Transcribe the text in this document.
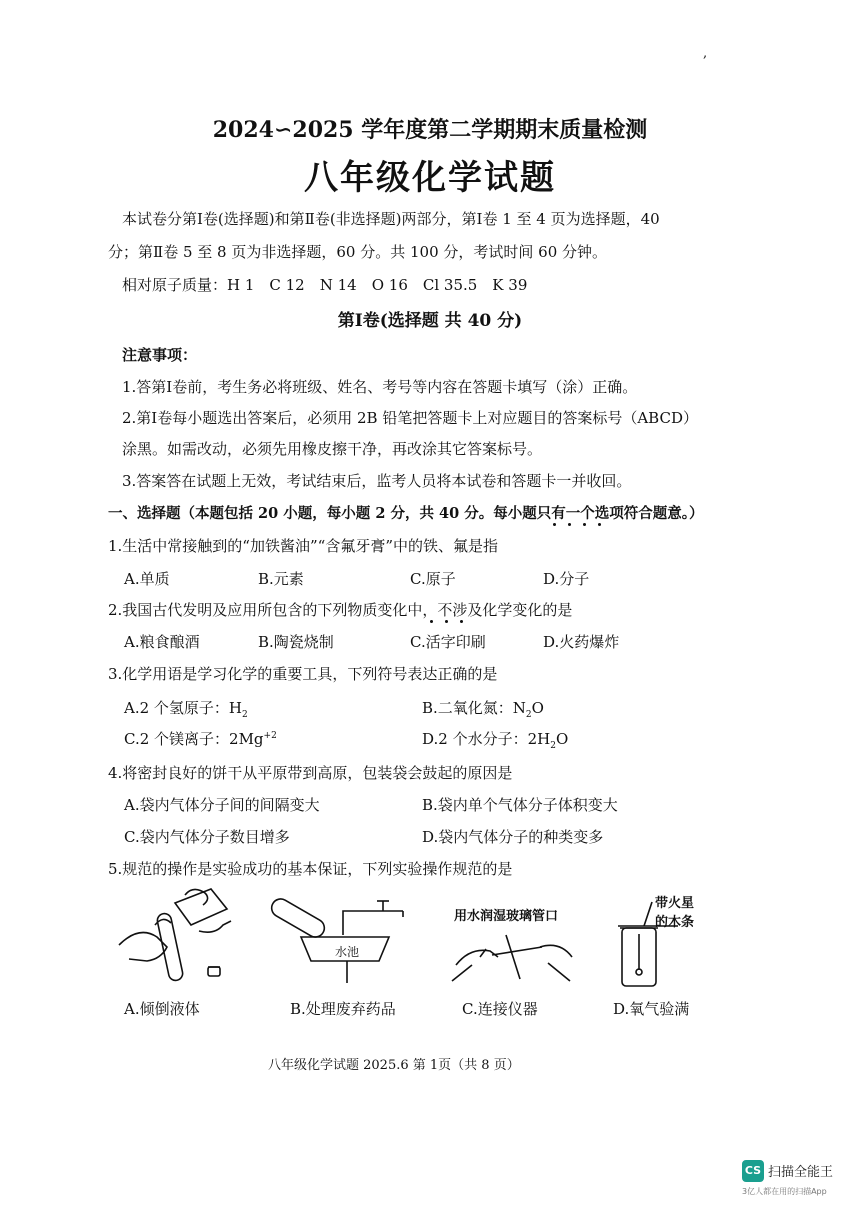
,
2024∽2025 学年度第二学期期末质量检测
八年级化学试题
本试卷分第Ⅰ卷(选择题)和第Ⅱ卷(非选择题)两部分，第Ⅰ卷 1 至 4 页为选择题，40
分；第Ⅱ卷 5 至 8 页为非选择题，60 分。共 100 分，考试时间 60 分钟。
相对原子质量：H 1　C 12　N 14　O 16　Cl 35.5　K 39
第Ⅰ卷(选择题 共 40 分)
注意事项：
1.答第Ⅰ卷前，考生务必将班级、姓名、考号等内容在答题卡填写（涂）正确。
2.第Ⅰ卷每小题选出答案后，必须用 2B 铅笔把答题卡上对应题目的答案标号（ABCD）
涂黑。如需改动，必须先用橡皮擦干净，再改涂其它答案标号。
3.答案答在试题上无效，考试结束后，监考人员将本试卷和答题卡一并收回。
一、选择题（本题包括 20 小题，每小题 2 分，共 40 分。每小题只有一个选项符合题意。）
1.生活中常接触到的“加铁酱油”“含氟牙膏”中的铁、氟是指
A.单质	B.元素	C.原子	D.分子
2.我国古代发明及应用所包含的下列物质变化中，不涉及化学变化的是
A.粮食酿酒	B.陶瓷烧制	C.活字印刷	D.火药爆炸
3.化学用语是学习化学的重要工具，下列符号表达正确的是
A.2 个氢原子：$H_2$	B.二氧化氮：$N_2O$
C.2 个镁离子：$2Mg^{+2}$	D.2 个水分子：$2H_2O$
4.将密封良好的饼干从平原带到高原，包装袋会鼓起的原因是
A.袋内气体分子间的间隔变大	B.袋内单个气体分子体积变大
C.袋内气体分子数目增多	D.袋内气体分子的种类变多
5.规范的操作是实验成功的基本保证，下列实验操作规范的是
水池
用水润湿玻璃管口
带火星
的木条
A.倾倒液体	B.处理废弃药品	C.连接仪器	D.氧气验满
八年级化学试题 2025.6 第 1页（共 8 页）
CS 扫描全能王
3亿人都在用的扫描App
